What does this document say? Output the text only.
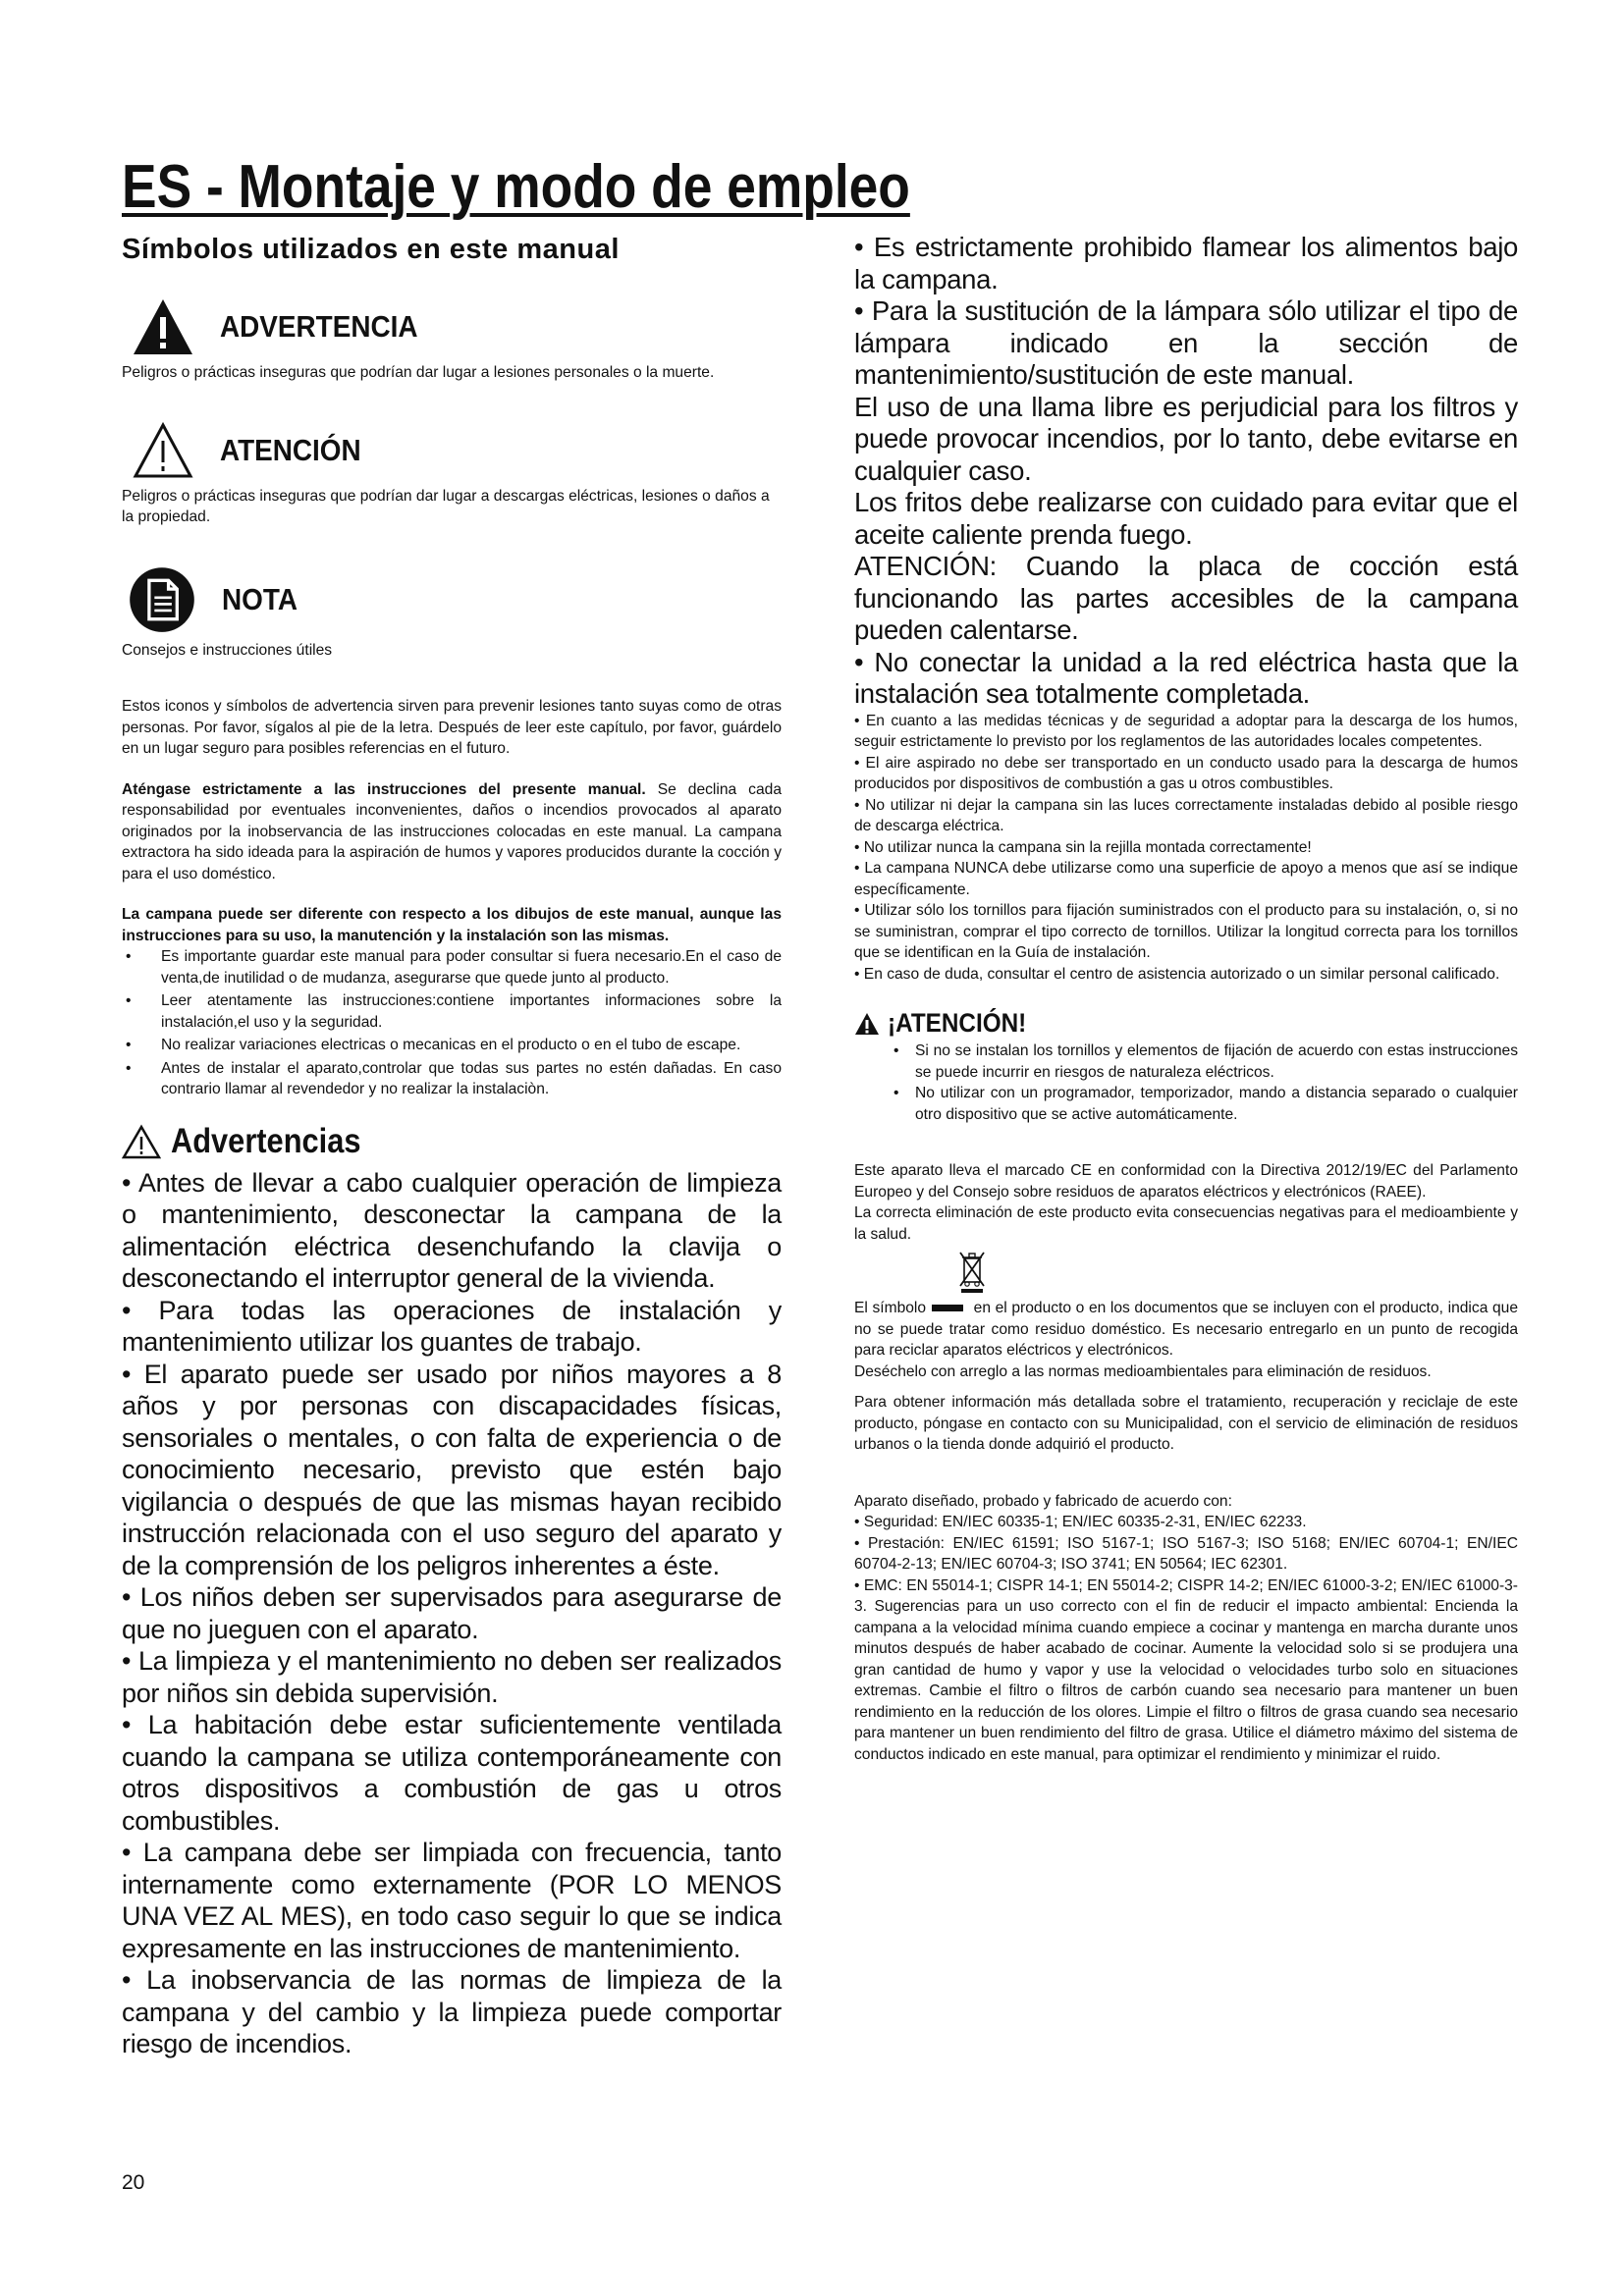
ES - Montaje y modo de empleo
Símbolos utilizados en este manual
ADVERTENCIA

Peligros o prácticas inseguras que podrían dar lugar a lesiones personales o la muerte.

ATENCIÓN

Peligros o prácticas inseguras que podrían dar lugar a descargas eléctricas, lesiones o daños a la propiedad.

NOTA

Consejos e instrucciones útiles

Estos iconos y símbolos de advertencia sirven para prevenir lesiones tanto suyas como de otras personas. Por favor, sígalos al pie de la letra. Después de leer este capítulo, por favor, guárdelo en un lugar seguro para posibles referencias en el futuro.

Aténgase estrictamente a las instrucciones del presente manual. Se declina cada responsabilidad por eventuales inconvenientes, daños o incendios provocados al aparato originados por la inobservancia de las instrucciones colocadas en este manual. La campana extractora ha sido ideada para la aspiración de humos y vapores producidos durante la cocción y para el uso doméstico.

La campana puede ser diferente con respecto a los dibujos de este manual, aunque las instrucciones para su uso, la manutención y la instalación son las mismas.

• Es importante guardar este manual para poder consultar si fuera necesario.En el caso de venta,de inutilidad o de mudanza, asegurarse que quede junto al producto.
• Leer atentamente las instrucciones:contiene importantes informaciones sobre la instalación,el uso y la seguridad.
• No realizar variaciones electricas o mecanicas en el producto o en el tubo de escape.
• Antes de instalar el aparato,controlar que todas sus partes no estén dañadas. En caso contrario llamar al revendedor y no realizar la instalaciòn.
Advertencias

• Antes de llevar a cabo cualquier operación de limpieza o mantenimiento, desconectar la campana de la alimentación eléctrica desenchufando la clavija o desconectando el interruptor general de la vivienda.

• Para todas las operaciones de instalación y mantenimiento utilizar los guantes de trabajo.

• El aparato puede ser usado por niños mayores a 8 años y por personas con discapacidades físicas, sensoriales o mentales, o con falta de experiencia o de conocimiento necesario, previsto que estén bajo vigilancia o después de que las mismas hayan recibido instrucción relacionada con el uso seguro del aparato y de la comprensión de los peligros inherentes a éste.

• Los niños deben ser supervisados para asegurarse de que no jueguen con el aparato.

• La limpieza y el mantenimiento no deben ser realizados por niños sin debida supervisión.

• La habitación debe estar suficientemente ventilada cuando la campana se utiliza contemporáneamente con otros dispositivos a combustión de gas u otros combustibles.

• La campana debe ser limpiada con frecuencia, tanto internamente como externamente (POR LO MENOS UNA VEZ AL MES), en todo caso seguir lo que se indica expresamente en las instrucciones de mantenimiento.

• La inobservancia de las normas de limpieza de la campana y del cambio y la limpieza puede comportar riesgo de incendios.

• Es estrictamente prohibido flamear los alimentos bajo la campana.

• Para la sustitución de la lámpara sólo utilizar el tipo de lámpara indicado en la sección de mantenimiento/sustitución de este manual.

El uso de una llama libre es perjudicial para los filtros y puede provocar incendios, por lo tanto, debe evitarse en cualquier caso.

Los fritos debe realizarse con cuidado para evitar que el aceite caliente prenda fuego.

ATENCIÓN: Cuando la placa de cocción está funcionando las partes accesibles de la campana pueden calentarse.

• No conectar la unidad a la red eléctrica hasta que la instalación sea totalmente completada.

• En cuanto a las medidas técnicas y de seguridad a adoptar para la descarga de los humos, seguir estrictamente lo previsto por los reglamentos de las autoridades locales competentes.

• El aire aspirado no debe ser transportado en un conducto usado para la descarga de humos producidos por dispositivos de combustión a gas u otros combustibles.

• No utilizar ni dejar la campana sin las luces correctamente instaladas debido al posible riesgo de descarga eléctrica.

• No utilizar nunca la campana sin la rejilla montada correctamente!

• La campana NUNCA debe utilizarse como una superficie de apoyo a menos que así se indique específicamente.

• Utilizar sólo los tornillos para fijación suministrados con el producto para su instalación, o, si no se suministran, comprar el tipo correcto de tornillos. Utilizar la longitud correcta para los tornillos que se identifican en la Guía de instalación.

• En caso de duda, consultar el centro de asistencia autorizado o un similar personal calificado.

¡ATENCIÓN!
• Si no se instalan los tornillos y elementos de fijación de acuerdo con estas instrucciones se puede incurrir en riesgos de naturaleza eléctricos.
• No utilizar con un programador, temporizador, mando a distancia separado o cualquier otro dispositivo que se active automáticamente.

Este aparato lleva el marcado CE en conformidad con la Directiva 2012/19/EC del Parlamento Europeo y del Consejo sobre residuos de aparatos eléctricos y electrónicos (RAEE).

La correcta eliminación de este producto evita consecuencias negativas para el medioambiente y la salud.

El símbolo	en el producto o en los documentos que se incluyen con el producto, indica que no se puede tratar como residuo doméstico. Es necesario entregarlo en un punto de recogida para reciclar aparatos eléctricos y electrónicos.

Deséchelo con arreglo a las normas medioambientales para eliminación de residuos.

Para obtener información más detallada sobre el tratamiento, recuperación y reciclaje de este producto, póngase en contacto con su Municipalidad, con el servicio de eliminación de residuos urbanos o la tienda donde adquirió el producto.

Aparato diseñado, probado y fabricado de acuerdo con:

• Seguridad: EN/IEC 60335-1; EN/IEC 60335-2-31, EN/IEC 62233.

• Prestación: EN/IEC 61591; ISO 5167-1; ISO 5167-3; ISO 5168; EN/IEC 60704-1; EN/IEC 60704-2-13; EN/IEC 60704-3; ISO 3741; EN 50564; IEC 62301.

• EMC: EN 55014-1; CISPR 14-1; EN 55014-2; CISPR 14-2; EN/IEC 61000-3-2; EN/IEC 61000-3-3. Sugerencias para un uso correcto con el fin de reducir el impacto ambiental: Encienda la campana a la velocidad mínima cuando empiece a cocinar y mantenga en marcha durante unos minutos después de haber acabado de cocinar. Aumente la velocidad solo si se produjera una gran cantidad de humo y vapor y use la velocidad o velocidades turbo solo en situaciones extremas. Cambie el filtro o filtros de carbón cuando sea necesario para mantener un buen rendimiento en la reducción de los olores. Limpie el filtro o filtros de grasa cuando sea necesario para mantener un buen rendimiento del filtro de grasa. Utilice el diámetro máximo del sistema de conductos indicado en este manual, para optimizar el rendimiento y minimizar el ruido.

20
